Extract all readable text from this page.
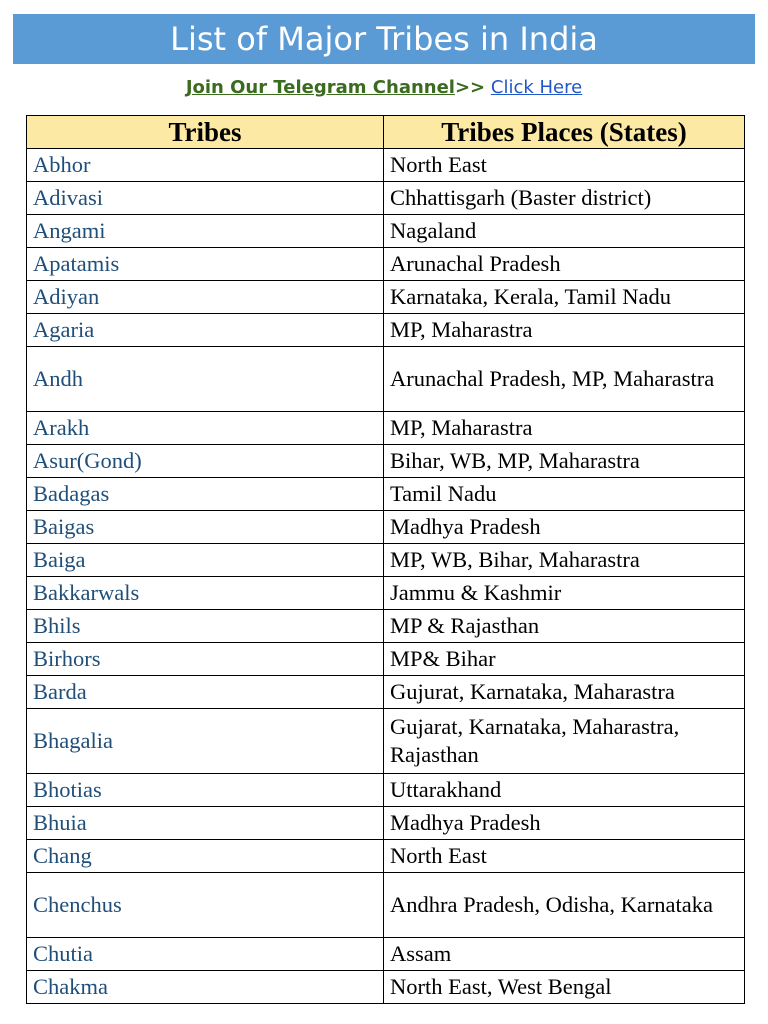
List of Major Tribes in India
Join Our Telegram Channel>> Click Here
Tribes	Tribes Places (States)
Abhor	North East
Adivasi	Chhattisgarh (Baster district)
Angami	Nagaland
Apatamis	Arunachal Pradesh
Adiyan	Karnataka, Kerala, Tamil Nadu
Agaria	MP, Maharastra
Andh	Arunachal Pradesh, MP, Maharastra
Arakh	MP, Maharastra
Asur(Gond)	Bihar, WB, MP, Maharastra
Badagas	Tamil Nadu
Baigas	Madhya Pradesh
Baiga	MP, WB, Bihar, Maharastra
Bakkarwals	Jammu & Kashmir
Bhils	MP & Rajasthan
Birhors	MP& Bihar
Barda	Gujurat, Karnataka, Maharastra
Bhagalia	Gujarat, Karnataka, Maharastra, Rajasthan
Bhotias	Uttarakhand
Bhuia	Madhya Pradesh
Chang	North East
Chenchus	Andhra Pradesh, Odisha, Karnataka
Chutia	Assam
Chakma	North East, West Bengal
